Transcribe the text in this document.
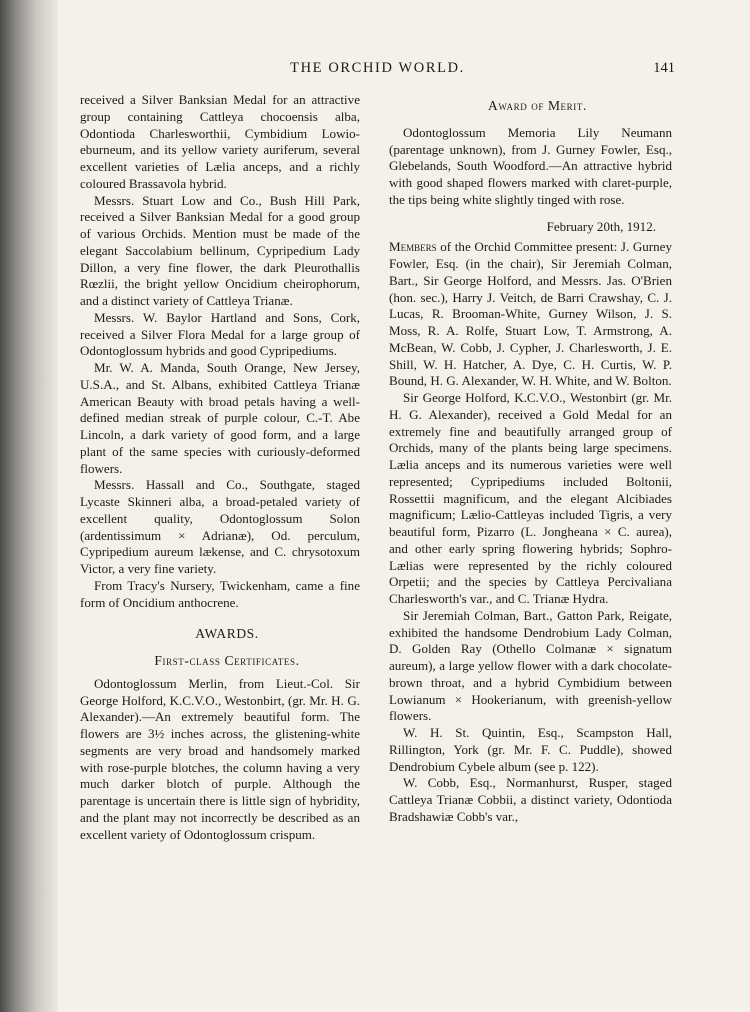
THE ORCHID WORLD.	141

received a Silver Banksian Medal for an attractive group containing Cattleya chocoensis alba, Odontioda Charlesworthii, Cymbidium Lowio-eburneum, and its yellow variety auriferum, several excellent varieties of Lælia anceps, and a richly coloured Brassavola hybrid.

Messrs. Stuart Low and Co., Bush Hill Park, received a Silver Banksian Medal for a good group of various Orchids. Mention must be made of the elegant Saccolabium bellinum, Cypripedium Lady Dillon, a very fine flower, the dark Pleurothallis Rœzlii, the bright yellow Oncidium cheirophorum, and a distinct variety of Cattleya Trianæ.

Messrs. W. Baylor Hartland and Sons, Cork, received a Silver Flora Medal for a large group of Odontoglossum hybrids and good Cypripediums.

Mr. W. A. Manda, South Orange, New Jersey, U.S.A., and St. Albans, exhibited Cattleya Trianæ American Beauty with broad petals having a well-defined median streak of purple colour, C.-T. Abe Lincoln, a dark variety of good form, and a large plant of the same species with curiously-deformed flowers.

Messrs. Hassall and Co., Southgate, staged Lycaste Skinneri alba, a broad-petaled variety of excellent quality, Odontoglossum Solon (ardentissimum × Adrianæ), Od. perculum, Cypripedium aureum lækense, and C. chrysotoxum Victor, a very fine variety.

From Tracy's Nursery, Twickenham, came a fine form of Oncidium anthocrene.

AWARDS.

First-class Certificates.

Odontoglossum Merlin, from Lieut.-Col. Sir George Holford, K.C.V.O., Westonbirt, (gr. Mr. H. G. Alexander).—An extremely beautiful form. The flowers are 3½ inches across, the glistening-white segments are very broad and handsomely marked with rose-purple blotches, the column having a very much darker blotch of purple. Although the parentage is uncertain there is little sign of hybridity, and the plant may not incorrectly be described as an excellent variety of Odontoglossum crispum.

Award of Merit.

Odontoglossum Memoria Lily Neumann (parentage unknown), from J. Gurney Fowler, Esq., Glebelands, South Woodford.—An attractive hybrid with good shaped flowers marked with claret-purple, the tips being white slightly tinged with rose.

February 20th, 1912.

Members of the Orchid Committee present: J. Gurney Fowler, Esq. (in the chair), Sir Jeremiah Colman, Bart., Sir George Holford, and Messrs. Jas. O'Brien (hon. sec.), Harry J. Veitch, de Barri Crawshay, C. J. Lucas, R. Brooman-White, Gurney Wilson, J. S. Moss, R. A. Rolfe, Stuart Low, T. Armstrong, A. McBean, W. Cobb, J. Cypher, J. Charlesworth, J. E. Shill, W. H. Hatcher, A. Dye, C. H. Curtis, W. P. Bound, H. G. Alexander, W. H. White, and W. Bolton.

Sir George Holford, K.C.V.O., Westonbirt (gr. Mr. H. G. Alexander), received a Gold Medal for an extremely fine and beautifully arranged group of Orchids, many of the plants being large specimens. Lælia anceps and its numerous varieties were well represented; Cypripediums included Boltonii, Rossettii magnificum, and the elegant Alcibiades magnificum; Lælio-Cattleyas included Tigris, a very beautiful form, Pizarro (L. Jongheana × C. aurea), and other early spring flowering hybrids; Sophro-Lælias were represented by the richly coloured Orpetii; and the species by Cattleya Percivaliana Charlesworth's var., and C. Trianæ Hydra.

Sir Jeremiah Colman, Bart., Gatton Park, Reigate, exhibited the handsome Dendrobium Lady Colman, D. Golden Ray (Othello Colmanæ × signatum aureum), a large yellow flower with a dark chocolate-brown throat, and a hybrid Cymbidium between Lowianum × Hookerianum, with greenish-yellow flowers.

W. H. St. Quintin, Esq., Scampston Hall, Rillington, York (gr. Mr. F. C. Puddle), showed Dendrobium Cybele album (see p. 122).

W. Cobb, Esq., Normanhurst, Rusper, staged Cattleya Trianæ Cobbii, a distinct variety, Odontioda Bradshawiæ Cobb's var.,
